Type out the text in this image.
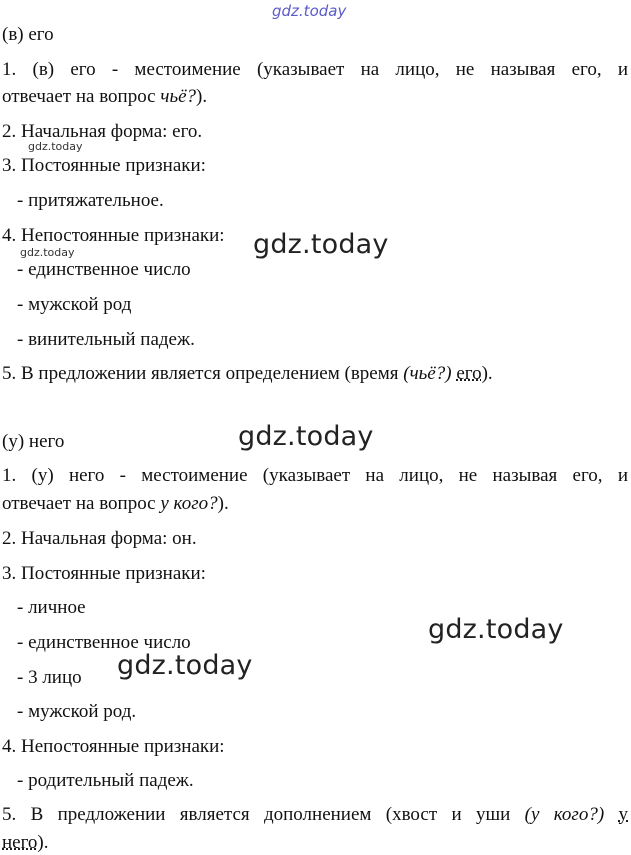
gdz.today
gdz.today
gdz.today	gdz.today
gdz.today
gdz.today
gdz.today
(в) его
1. (в) его - местоимение (указывает на лицо, не называя его, и
отвечает на вопрос чьё?).
2. Начальная форма: его.
3. Постоянные признаки:
- притяжательное.
4. Непостоянные признаки:
- единственное число
- мужской род
- винительный падеж.
5. В предложении является определением (время (чьё?) его).
(у) него
1. (у) него - местоимение (указывает на лицо, не называя его, и
отвечает на вопрос у кого?).
2. Начальная форма: он.
3. Постоянные признаки:
- личное
- единственное число
- 3 лицо
- мужской род.
4. Непостоянные признаки:
- родительный падеж.
5. В предложении является дополнением (хвост и уши (у кого?) у
него).
